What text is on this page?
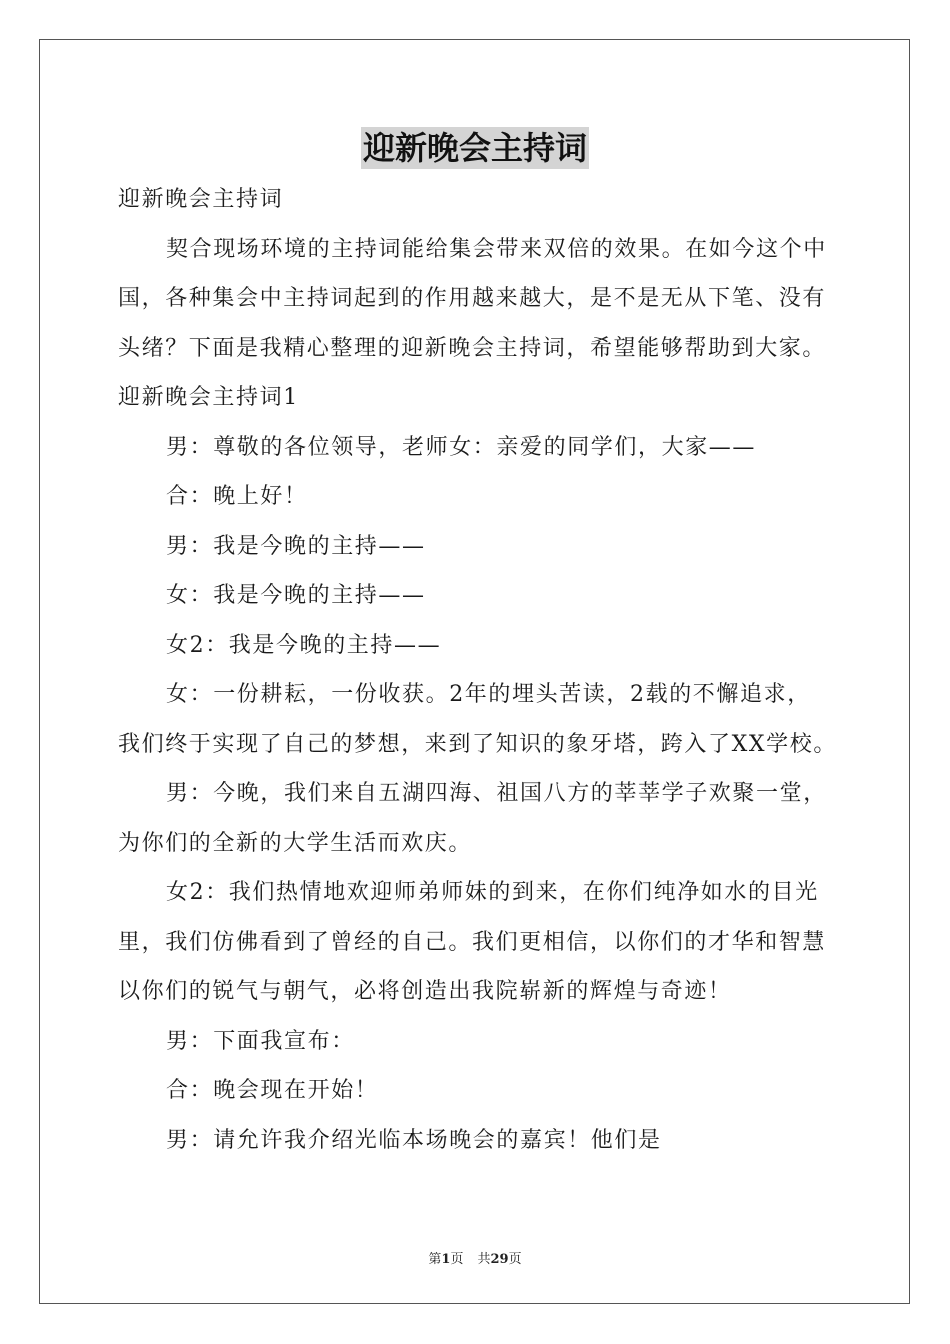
迎新晚会主持词

迎新晚会主持词

契合现场环境的主持词能给集会带来双倍的效果。在如今这个中

国，各种集会中主持词起到的作用越来越大，是不是无从下笔、没有

头绪？下面是我精心整理的迎新晚会主持词，希望能够帮助到大家。

迎新晚会主持词1

男：尊敬的各位领导，老师女：亲爱的同学们，大家——

合：晚上好！

男：我是今晚的主持——

女：我是今晚的主持——

女2：我是今晚的主持——

女：一份耕耘，一份收获。2年的埋头苦读，2载的不懈追求，

我们终于实现了自己的梦想，来到了知识的象牙塔，跨入了XX学校。

男：今晚，我们来自五湖四海、祖国八方的莘莘学子欢聚一堂，

为你们的全新的大学生活而欢庆。

女2：我们热情地欢迎师弟师妹的到来，在你们纯净如水的目光

里，我们仿佛看到了曾经的自己。我们更相信，以你们的才华和智慧

以你们的锐气与朝气，必将创造出我院崭新的辉煌与奇迹！

男：下面我宣布：

合：晚会现在开始！

男：请允许我介绍光临本场晚会的嘉宾！他们是

第1页 共29页
